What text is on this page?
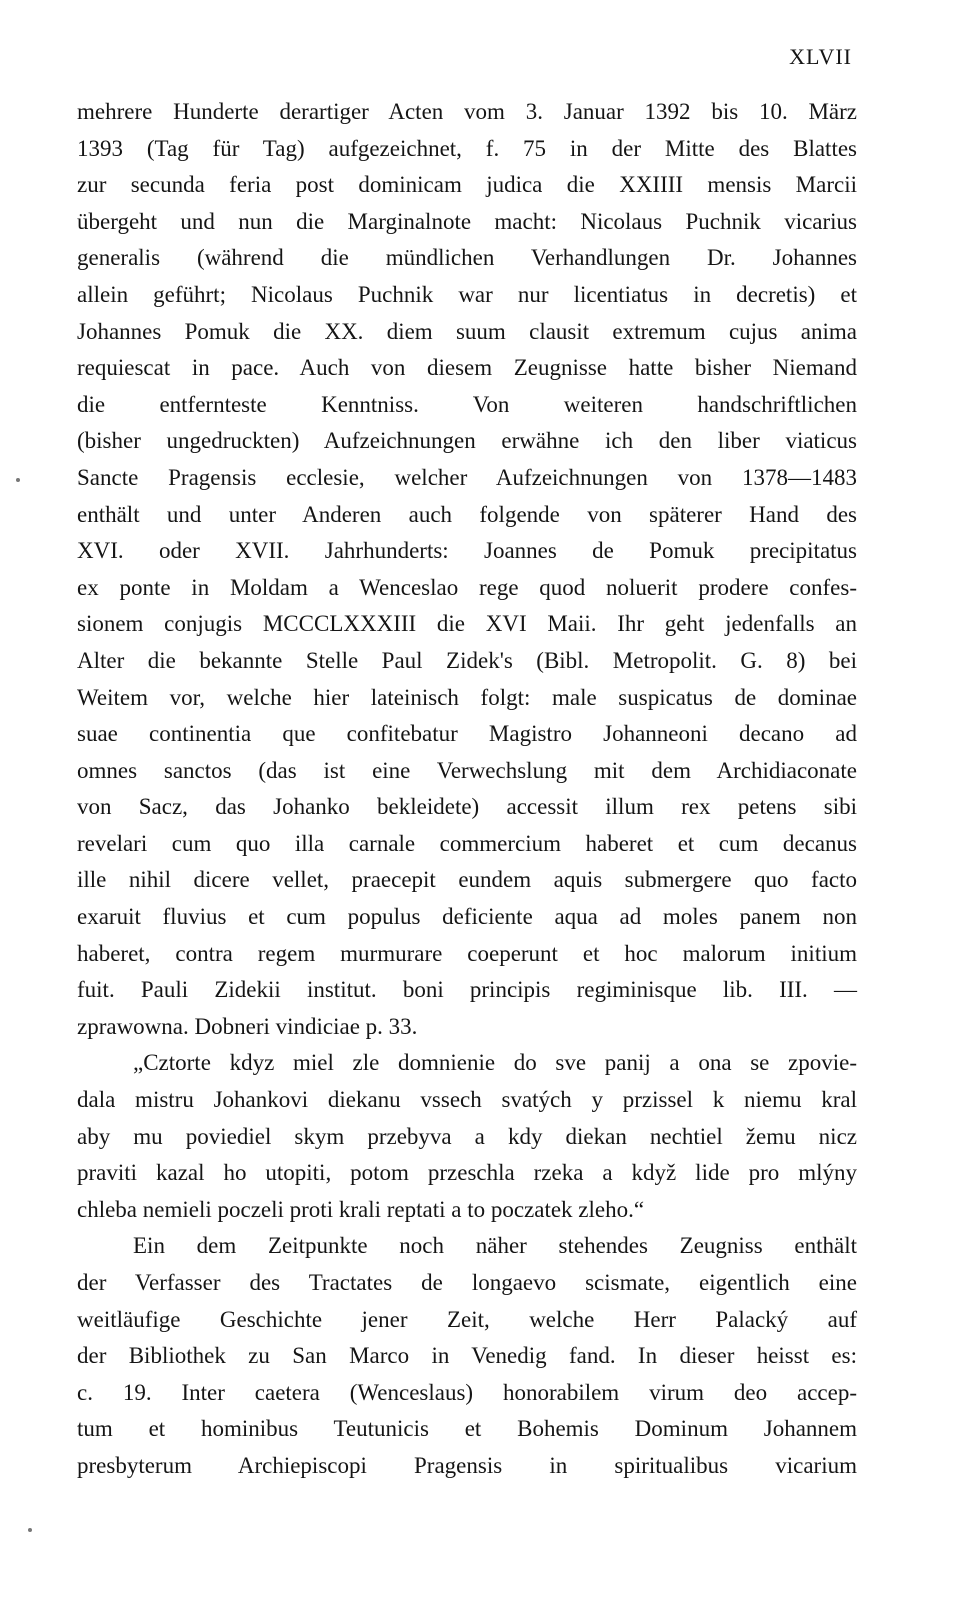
XLVII
mehrere Hunderte derartiger Acten vom 3. Januar 1392 bis 10. März
1393 (Tag für Tag) aufgezeichnet, f. 75 in der Mitte des Blattes
zur secunda feria post dominicam judica die XXIIII mensis Marcii
übergeht und nun die Marginalnote macht: Nicolaus Puchnik vicarius
generalis (während die mündlichen Verhandlungen Dr. Johannes
allein geführt; Nicolaus Puchnik war nur licentiatus in decretis) et
Johannes Pomuk die XX. diem suum clausit extremum cujus anima
requiescat in pace. Auch von diesem Zeugnisse hatte bisher Niemand
die entfernteste Kenntniss. Von weiteren handschriftlichen
(bisher ungedruckten) Aufzeichnungen erwähne ich den liber viaticus
Sancte Pragensis ecclesie, welcher Aufzeichnungen von 1378—1483
enthält und unter Anderen auch folgende von späterer Hand des
XVI. oder XVII. Jahrhunderts: Joannes de Pomuk precipitatus
ex ponte in Moldam a Wenceslao rege quod noluerit prodere confes-
sionem conjugis MCCCLXXXIII die XVI Maii. Ihr geht jedenfalls an
Alter die bekannte Stelle Paul Zidek's (Bibl. Metropolit. G. 8) bei
Weitem vor, welche hier lateinisch folgt: male suspicatus de dominae
suae continentia que confitebatur Magistro Johanneoni decano ad
omnes sanctos (das ist eine Verwechslung mit dem Archidiaconate
von Sacz, das Johanko bekleidete) accessit illum rex petens sibi
revelari cum quo illa carnale commercium haberet et cum decanus
ille nihil dicere vellet, praecepit eundem aquis submergere quo facto
exaruit fluvius et cum populus deficiente aqua ad moles panem non
haberet, contra regem murmurare coeperunt et hoc malorum initium
fuit. Pauli Zidekii institut. boni principis regiminisque lib. III. —
zprawowna. Dobneri vindiciae p. 33.
„Cztorte kdyz miel zle domnienie do sve panij a ona se zpovie-
dala mistru Johankovi diekanu vssech svatých y przissel k niemu kral
aby mu poviediel skym przebyva a kdy diekan nechtiel žemu nicz
praviti kazal ho utopiti, potom przeschla rzeka a když lide pro mlýny
chleba nemieli poczeli proti krali reptati a to poczatek zleho.“
Ein dem Zeitpunkte noch näher stehendes Zeugniss enthält
der Verfasser des Tractates de longaevo scismate, eigentlich eine
weitläufige Geschichte jener Zeit, welche Herr Palacký auf
der Bibliothek zu San Marco in Venedig fand. In dieser heisst es:
c. 19. Inter caetera (Wenceslaus) honorabilem virum deo accep-
tum et hominibus Teutunicis et Bohemis Dominum Johannem
presbyterum Archiepiscopi Pragensis in spiritualibus vicarium
